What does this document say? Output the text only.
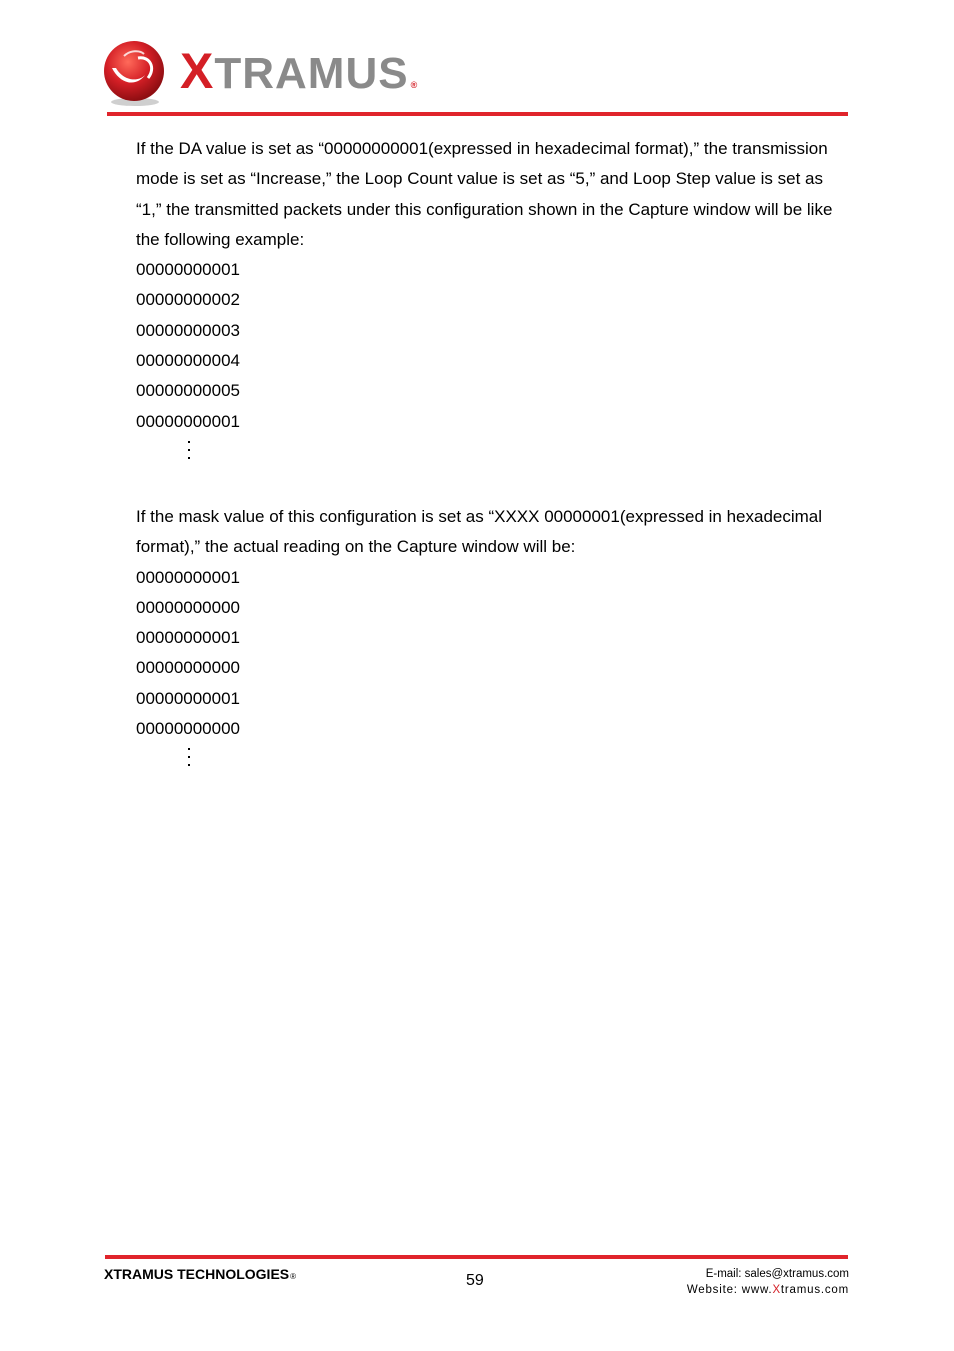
XTRAMUS ®

If the DA value is set as “00000000001(expressed in hexadecimal format),” the transmission mode is set as “Increase,” the Loop Count value is set as “5,” and Loop Step value is set as “1,” the transmitted packets under this configuration shown in the Capture window will be like the following example:

00000000001

00000000002

00000000003

00000000004

00000000005

00000000001

If the mask value of this configuration is set as “XXXX 00000001(expressed in hexadecimal format),” the actual reading on the Capture window will be:

00000000001

00000000000

00000000001

00000000000

00000000001

00000000000

XTRAMUS TECHNOLOGIES®	59	E-mail: sales@xtramus.com
Website: www.Xtramus.com
